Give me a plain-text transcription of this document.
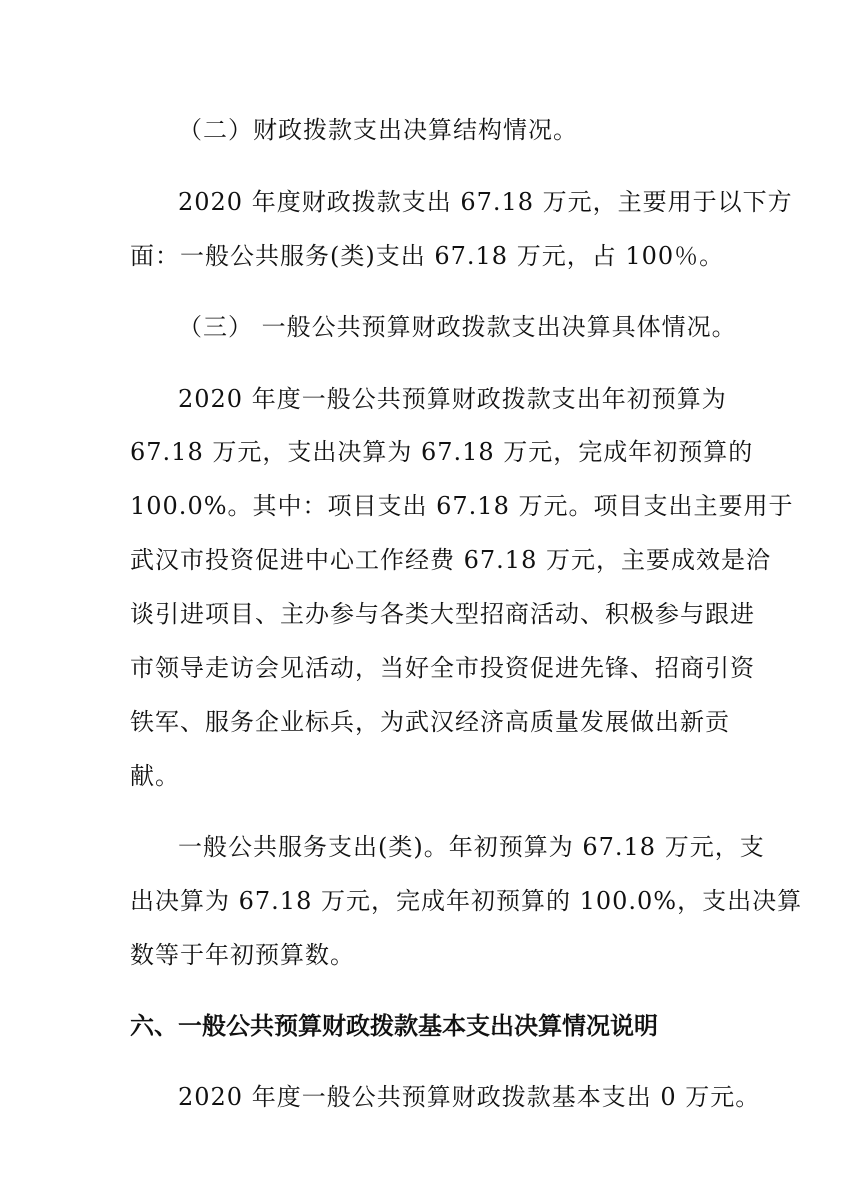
（二）财政拨款支出决算结构情况。
2020 年度财政拨款支出 67.18 万元，主要用于以下方
面：一般公共服务(类)支出 67.18 万元，占 100％。
（三） 一般公共预算财政拨款支出决算具体情况。
2020 年度一般公共预算财政拨款支出年初预算为
67.18 万元，支出决算为 67.18 万元，完成年初预算的
100.0%。其中：项目支出 67.18 万元。项目支出主要用于
武汉市投资促进中心工作经费 67.18 万元，主要成效是洽
谈引进项目、主办参与各类大型招商活动、积极参与跟进
市领导走访会见活动，当好全市投资促进先锋、招商引资
铁军、服务企业标兵，为武汉经济高质量发展做出新贡
献。
一般公共服务支出(类)。年初预算为 67.18 万元，支
出决算为 67.18 万元，完成年初预算的 100.0%，支出决算
数等于年初预算数。
六、一般公共预算财政拨款基本支出决算情况说明
2020 年度一般公共预算财政拨款基本支出 0 万元。
